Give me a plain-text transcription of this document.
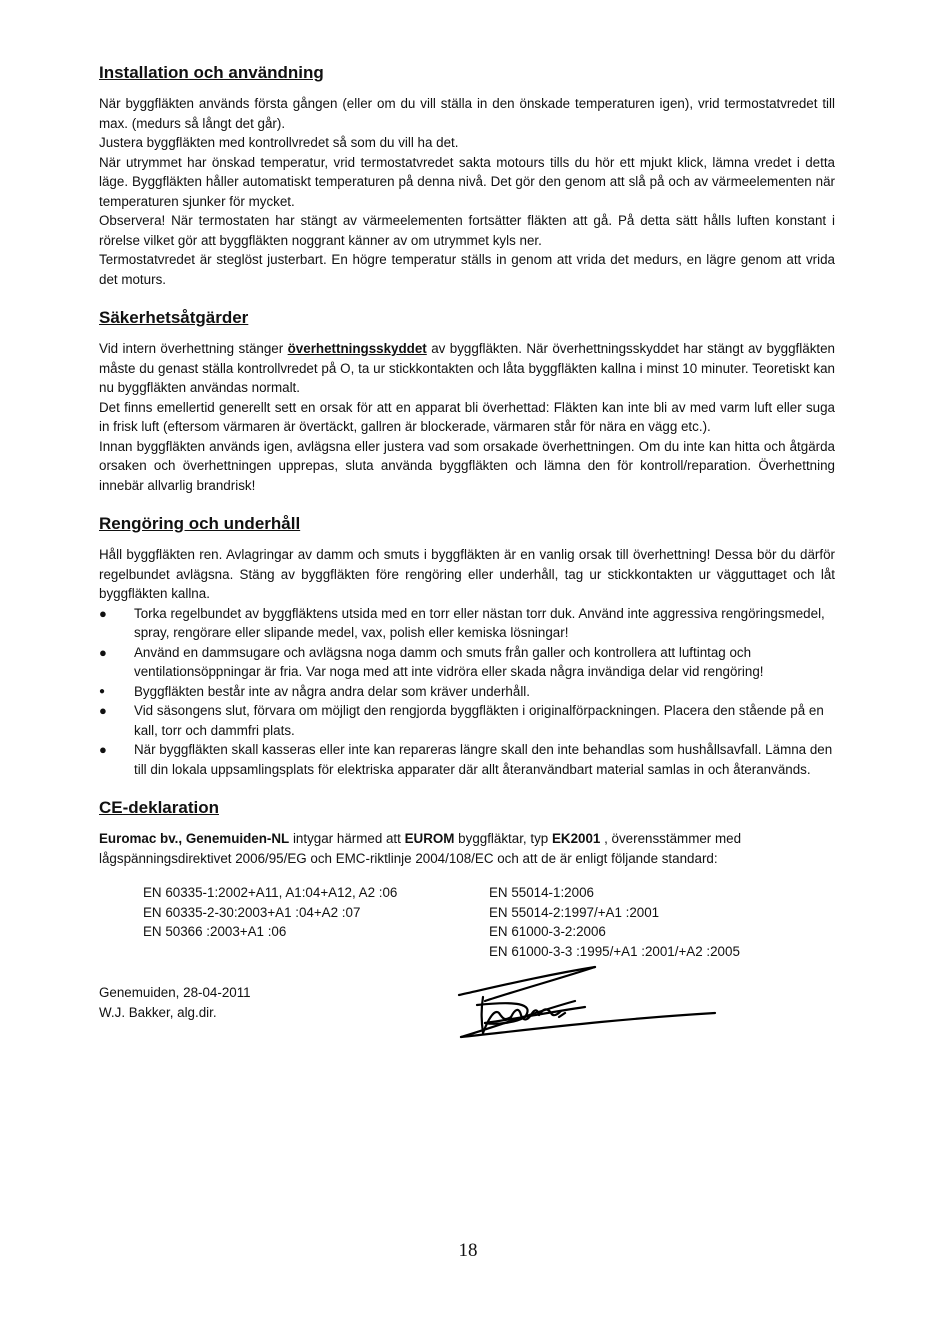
Installation och användning

När byggfläkten används första gången (eller om du vill ställa in den önskade temperaturen igen), vrid termostatvredet till max. (medurs så långt det går).

Justera byggfläkten med kontrollvredet så som du vill ha det.

När utrymmet har önskad temperatur, vrid termostatvredet sakta motours tills du hör ett mjukt klick, lämna vredet i detta läge. Byggfläkten håller automatiskt temperaturen på denna nivå. Det gör den genom att slå på och av värmeelementen när temperaturen sjunker för mycket.

Observera! När termostaten har stängt av värmeelementen fortsätter fläkten att gå. På detta sätt hålls luften konstant i rörelse vilket gör att byggfläkten noggrant känner av om utrymmet kyls ner.

Termostatvredet är steglöst justerbart. En högre temperatur ställs in genom att vrida det medurs, en lägre genom att vrida det moturs.

Säkerhetsåtgärder

Vid intern överhettning stänger överhettningsskyddet av byggfläkten. När överhettningsskyddet har stängt av byggfläkten måste du genast ställa kontrollvredet på O, ta ur stickkontakten och låta byggfläkten kallna i minst 10 minuter. Teoretiskt kan nu byggfläkten användas normalt.

Det finns emellertid generellt sett en orsak för att en apparat bli överhettad: Fläkten kan inte bli av med varm luft eller suga in frisk luft (eftersom värmaren är övertäckt, gallren är blockerade, värmaren står för nära en vägg etc.).

Innan byggfläkten används igen, avlägsna eller justera vad som orsakade överhettningen. Om du inte kan hitta och åtgärda orsaken och överhettningen upprepas, sluta använda byggfläkten och lämna den för kontroll/reparation. Överhettning innebär allvarlig brandrisk!

Rengöring och underhåll

Håll byggfläkten ren. Avlagringar av damm och smuts i byggfläkten är en vanlig orsak till överhettning! Dessa bör du därför regelbundet avlägsna. Stäng av byggfläkten före rengöring eller underhåll, tag ur stickkontakten ur vägguttaget och låt byggfläkten kallna.

● Torka regelbundet av byggfläktens utsida med en torr eller nästan torr duk. Använd inte aggressiva rengöringsmedel, spray, rengörare eller slipande medel, vax, polish eller kemiska lösningar!
● Använd en dammsugare och avlägsna noga damm och smuts från galler och kontrollera att luftintag och ventilationsöppningar är fria. Var noga med att inte vidröra eller skada några invändiga delar vid rengöring!
● Byggfläkten består inte av några andra delar som kräver underhåll.
● Vid säsongens slut, förvara om möjligt den rengjorda byggfläkten i originalförpackningen. Placera den stående på en kall, torr och dammfri plats.
● När byggfläkten skall kasseras eller inte kan repareras längre skall den inte behandlas som hushållsavfall. Lämna den till din lokala uppsamlingsplats för elektriska apparater där allt återanvändbart material samlas in och återanvänds.
CE-deklaration

Euromac bv., Genemuiden-NL intygar härmed att EUROM byggfläktar, typ EK2001 , överensstämmer med lågspänningsdirektivet 2006/95/EG och EMC-riktlinje 2004/108/EC och att de är enligt följande standard:

EN 60335-1:2002+A11, A1:04+A12, A2 :06
EN 60335-2-30:2003+A1 :04+A2 :07
EN 50366 :2003+A1 :06
EN 55014-1:2006
EN 55014-2:1997/+A1 :2001
EN 61000-3-2:2006
EN 61000-3-3 :1995/+A1 :2001/+A2 :2005
Genemuiden, 28-04-2011
W.J. Bakker, alg.dir.
18
